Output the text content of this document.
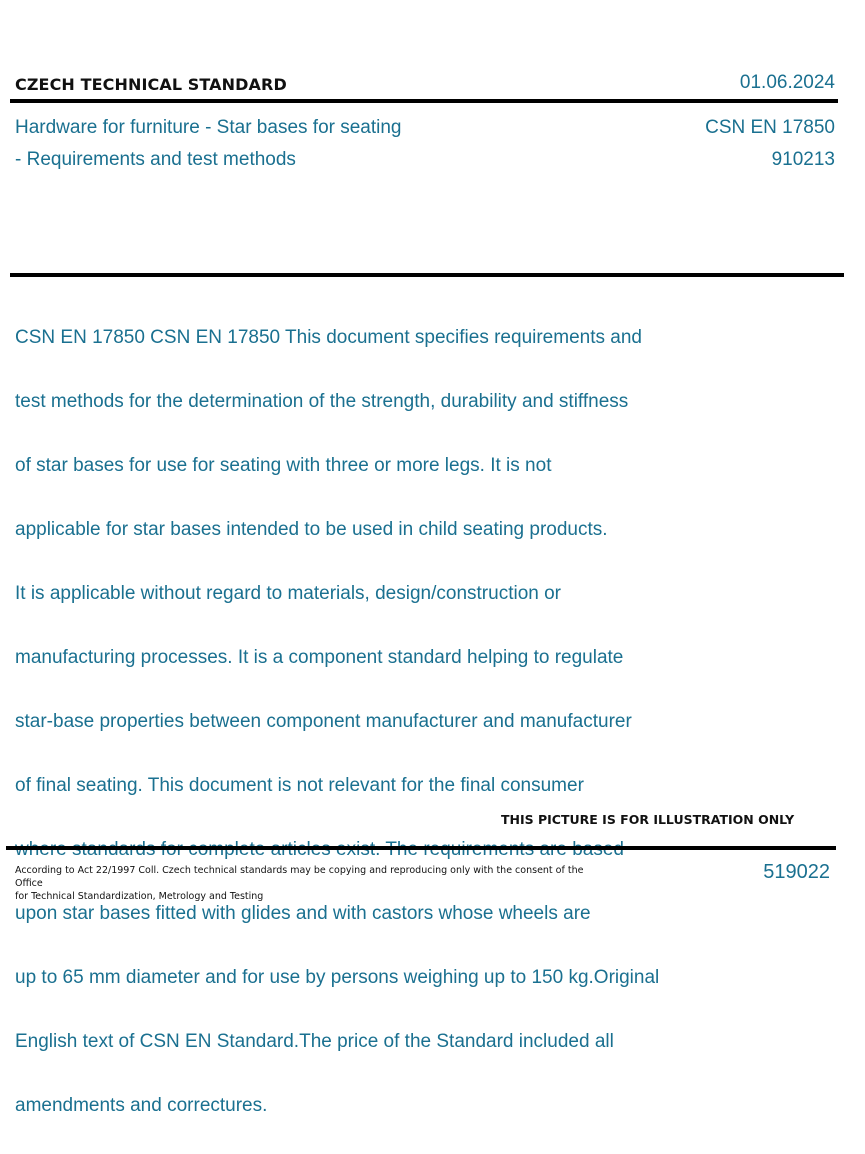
CZECH TECHNICAL STANDARD	01.06.2024
Hardware for furniture - Star bases for seating
- Requirements and test methods
CSN EN 17850
910213

CSN EN 17850 CSN EN 17850 This document specifies requirements and

test methods for the determination of the strength, durability and stiffness

of star bases for use for seating with three or more legs. It is not

applicable for star bases intended to be used in child seating products.

It is applicable without regard to materials, design/construction or

manufacturing processes. It is a component standard helping to regulate

star-base properties between component manufacturer and manufacturer

of final seating. This document is not relevant for the final consumer

upon star bases fitted with glides and with castors whose wheels are

up to 65 mm diameter and for use by persons weighing up to 150 kg.Original

English text of CSN EN Standard.The price of the Standard included all

amendments and correctures.

THIS PICTURE IS FOR ILLUSTRATION ONLY
According to Act 22/1997 Coll. Czech technical standards may be copying and reproducing only with the consent of the Office
for Technical Standardization, Metrology and Testing
519022
